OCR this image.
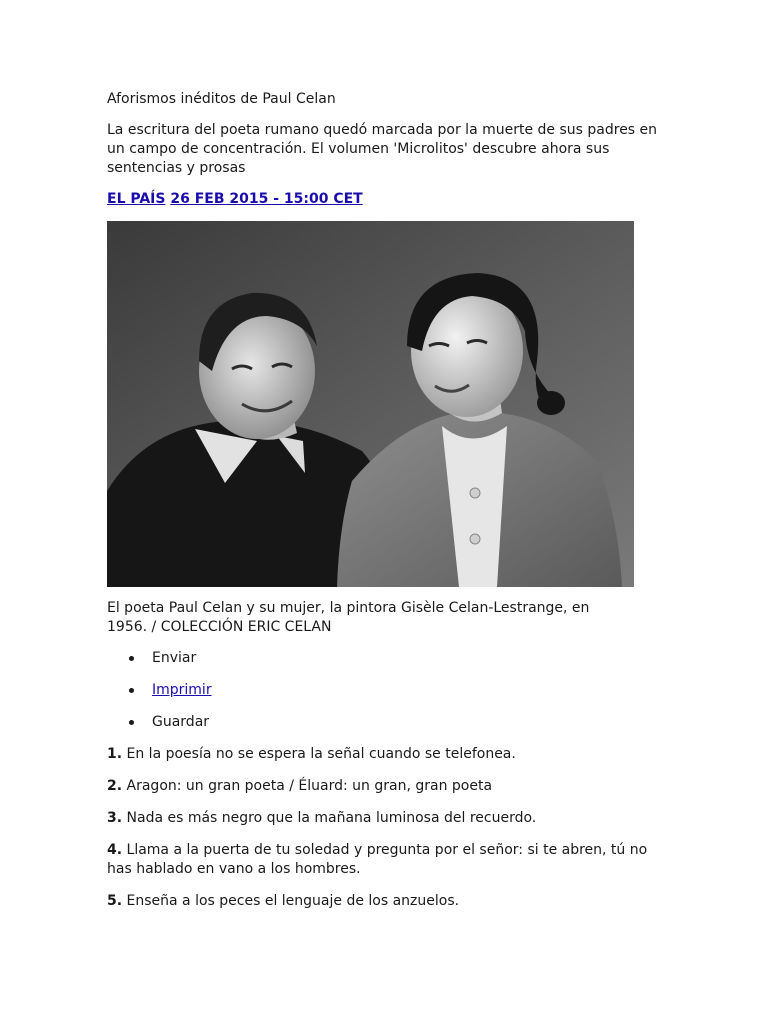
Aforismos inéditos de Paul Celan

La escritura del poeta rumano quedó marcada por la muerte de sus padres en un campo de concentración. El volumen 'Microlitos' descubre ahora sus sentencias y prosas

EL PAÍS 26 FEB 2015 - 15:00 CET

El poeta Paul Celan y su mujer, la pintora Gisèle Celan-Lestrange, en 1956. / COLECCIÓN ERIC CELAN

Enviar
Imprimir
Guardar

1. En la poesía no se espera la señal cuando se telefonea.

2. Aragon: un gran poeta / Éluard: un gran, gran poeta

3. Nada es más negro que la mañana luminosa del recuerdo.

4. Llama a la puerta de tu soledad y pregunta por el señor: si te abren, tú no has hablado en vano a los hombres.

5. Enseña a los peces el lenguaje de los anzuelos.
